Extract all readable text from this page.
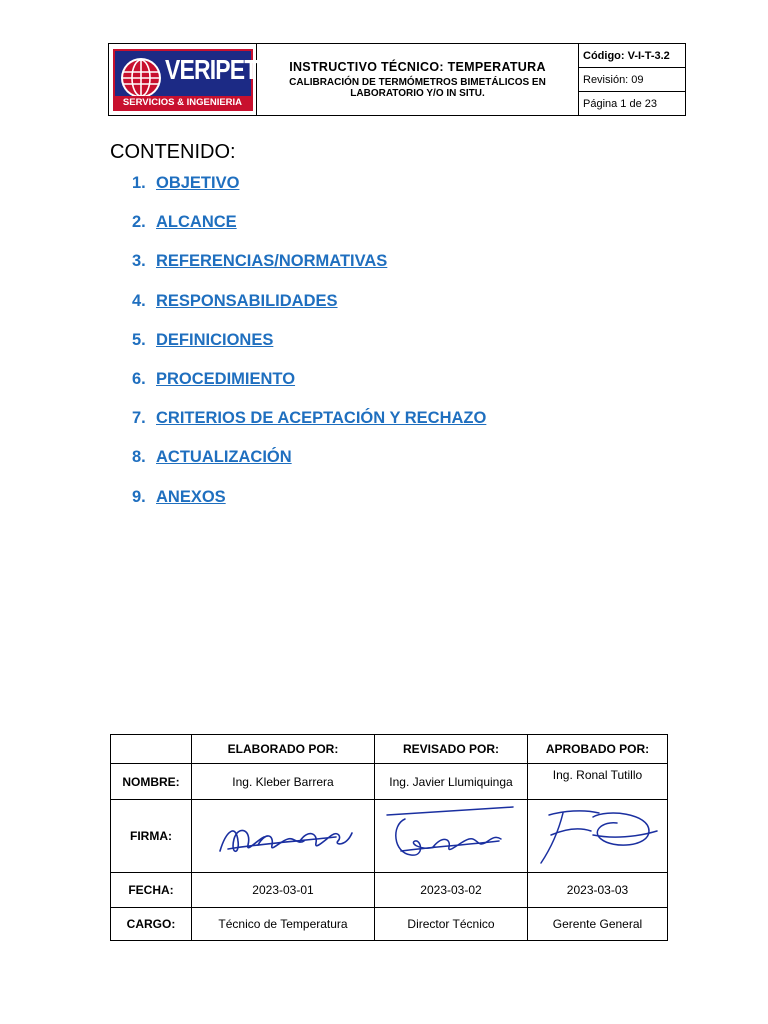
VERIPET
SERVICIOS & INGENIERIA
INSTRUCTIVO TÉCNICO: TEMPERATURA
CALIBRACIÓN DE TERMÓMETROS BIMETÁLICOS EN LABORATORIO Y/O IN SITU.
Código: V-I-T-3.2
Revisión: 09
Página 1 de 23
CONTENIDO:
1. OBJETIVO
2. ALCANCE
3. REFERENCIAS/NORMATIVAS
4. RESPONSABILIDADES
5. DEFINICIONES
6. PROCEDIMIENTO
7. CRITERIOS DE ACEPTACIÓN Y RECHAZO
8. ACTUALIZACIÓN
9. ANEXOS
	ELABORADO POR:	REVISADO POR:	APROBADO POR:
NOMBRE:	Ing. Kleber Barrera	Ing. Javier Llumiquinga	Ing. Ronal Tutillo
FIRMA:	

FECHA:	2023-03-01	2023-03-02	2023-03-03
CARGO:	Técnico de Temperatura	Director Técnico	Gerente General
